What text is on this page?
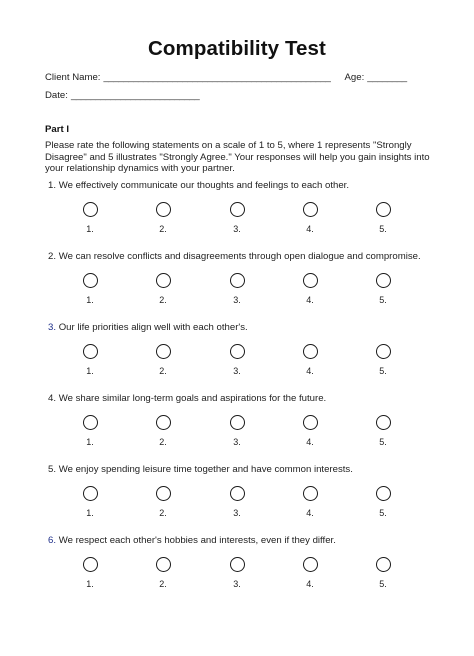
Compatibility Test
Client Name: ______________________________________________ Age: ________
Date: __________________________
Part I
Please rate the following statements on a scale of 1 to 5, where 1 represents "Strongly Disagree" and 5 illustrates "Strongly Agree." Your responses will help you gain insights into your relationship dynamics with your partner.
1. We effectively communicate our thoughts and feelings to each other.
1.	2.	3.	4.	5.
2. We can resolve conflicts and disagreements through open dialogue and compromise.
1.	2.	3.	4.	5.
3. Our life priorities align well with each other's.
1.	2.	3.	4.	5.
4. We share similar long-term goals and aspirations for the future.
1.	2.	3.	4.	5.
5. We enjoy spending leisure time together and have common interests.
1.	2.	3.	4.	5.
6. We respect each other's hobbies and interests, even if they differ.
1.	2.	3.	4.	5.
